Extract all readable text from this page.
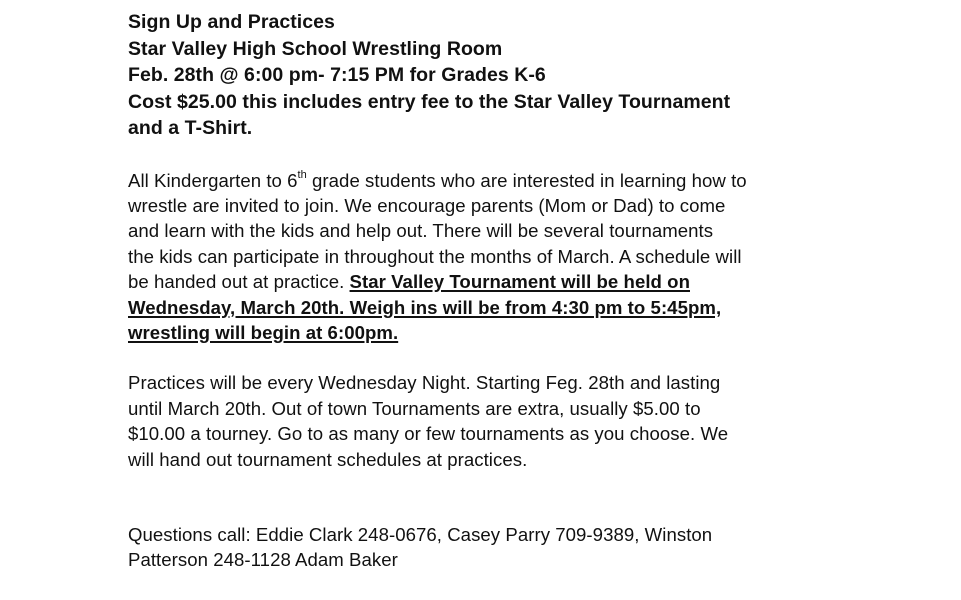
Sign Up and Practices
Star Valley High School Wrestling Room
Feb. 28th @ 6:00 pm- 7:15 PM for Grades K-6
Cost $25.00 this includes entry fee to the Star Valley Tournament
and a T-Shirt.
All Kindergarten to 6th grade students who are interested in learning how to
wrestle are invited to join. We encourage parents (Mom or Dad) to come
and learn with the kids and help out. There will be several tournaments
the kids can participate in throughout the months of March. A schedule will
be handed out at practice. Star Valley Tournament will be held on
Wednesday, March 20th. Weigh ins will be from 4:30 pm to 5:45pm,
wrestling will begin at 6:00pm.
Practices will be every Wednesday Night. Starting Feg. 28th and lasting
until March 20th. Out of town Tournaments are extra, usually $5.00 to
$10.00 a tourney. Go to as many or few tournaments as you choose. We
will hand out tournament schedules at practices.
Questions call: Eddie Clark 248-0676, Casey Parry 709-9389, Winston
Patterson 248-1128 Adam Baker
